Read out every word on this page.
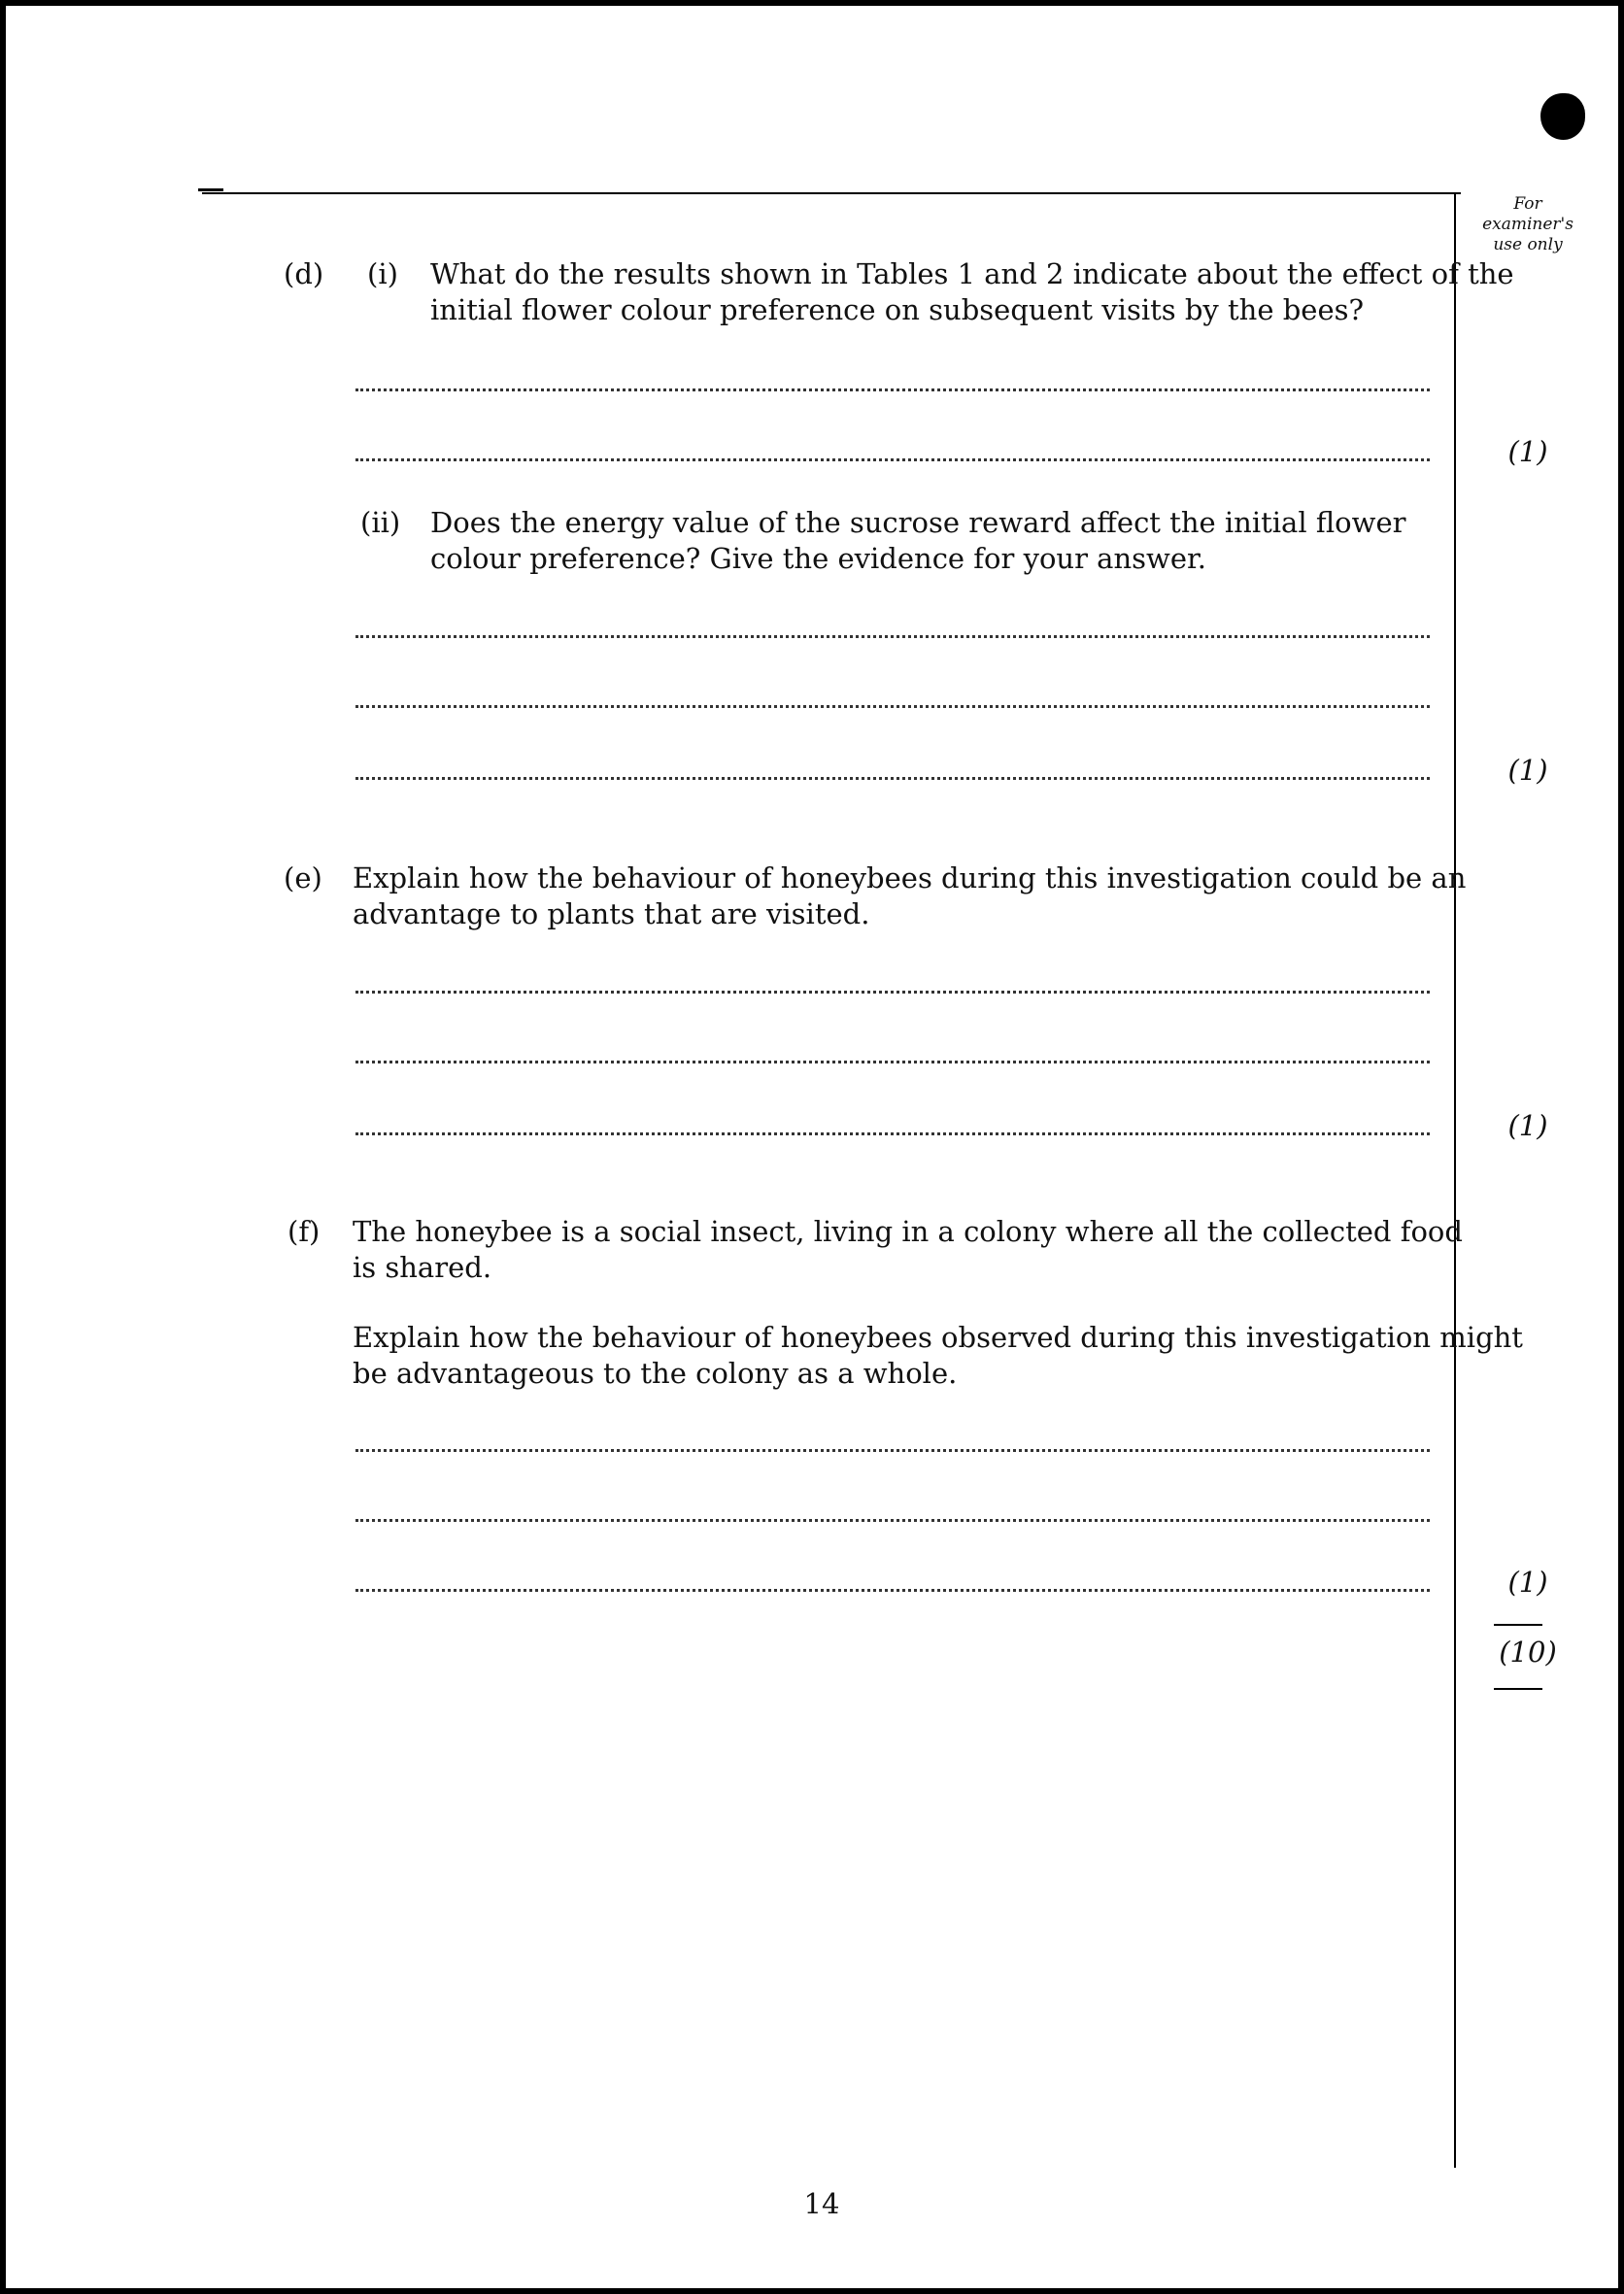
For
examiner's
use only
(d) (i) What do the results shown in Tables 1 and 2 indicate about the effect of the
initial flower colour preference on subsequent visits by the bees?
(1)
(ii) Does the energy value of the sucrose reward affect the initial flower
colour preference? Give the evidence for your answer.
(1)
(e) Explain how the behaviour of honeybees during this investigation could be an
advantage to plants that are visited.
(1)
(f) The honeybee is a social insect, living in a colony where all the collected food
is shared.
Explain how the behaviour of honeybees observed during this investigation might
be advantageous to the colony as a whole.
(1)
(10)
14
